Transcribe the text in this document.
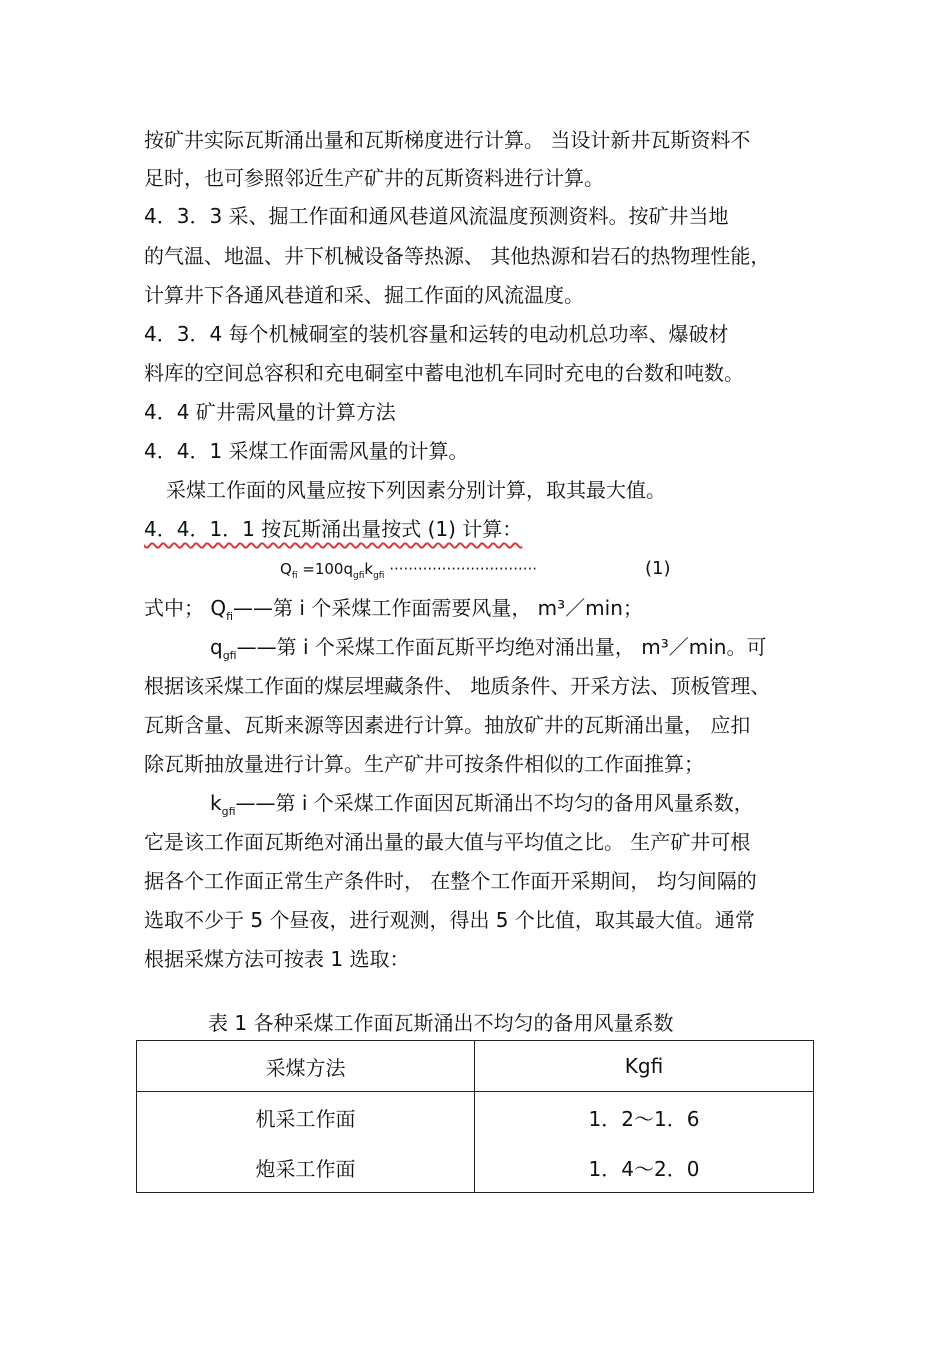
按矿井实际瓦斯涌出量和瓦斯梯度进行计算。 当设计新井瓦斯资料不
足时，也可参照邻近生产矿井的瓦斯资料进行计算。
4．3．3 采、掘工作面和通风巷道风流温度预测资料。按矿井当地
的气温、地温、井下机械设备等热源、 其他热源和岩石的热物理性能，
计算井下各通风巷道和采、掘工作面的风流温度。
4．3．4 每个机械硐室的装机容量和运转的电动机总功率、爆破材
料库的空间总容积和充电硐室中蓄电池机车同时充电的台数和吨数。
4．4 矿井需风量的计算方法
4．4．1 采煤工作面需风量的计算。
采煤工作面的风量应按下列因素分别计算，取其最大值。
4．4．1．1 按瓦斯涌出量按式 (1) 计算：
$Q_{fi} =100q_{gfi}k_{gfi}$ ·······························	(1)
式中； $Q_{fi}——$第 i 个采煤工作面需要风量， m³／min；
$q_{gfi}——$第 i 个采煤工作面瓦斯平均绝对涌出量， m³／min。可
根据该采煤工作面的煤层埋藏条件、 地质条件、开采方法、顶板管理、
瓦斯含量、瓦斯来源等因素进行计算。抽放矿井的瓦斯涌出量， 应扣
除瓦斯抽放量进行计算。生产矿井可按条件相似的工作面推算；
$k_{gfi}——$第 i 个采煤工作面因瓦斯涌出不均匀的备用风量系数，
它是该工作面瓦斯绝对涌出量的最大值与平均值之比。 生产矿井可根
据各个工作面正常生产条件时， 在整个工作面开采期间， 均匀间隔的
选取不少于 5 个昼夜，进行观测，得出 5 个比值，取其最大值。通常
根据采煤方法可按表 1 选取：
表 1 各种采煤工作面瓦斯涌出不均匀的备用风量系数
采煤方法	Kgfi
机采工作面	1．2～1．6
炮采工作面	1．4～2．0
